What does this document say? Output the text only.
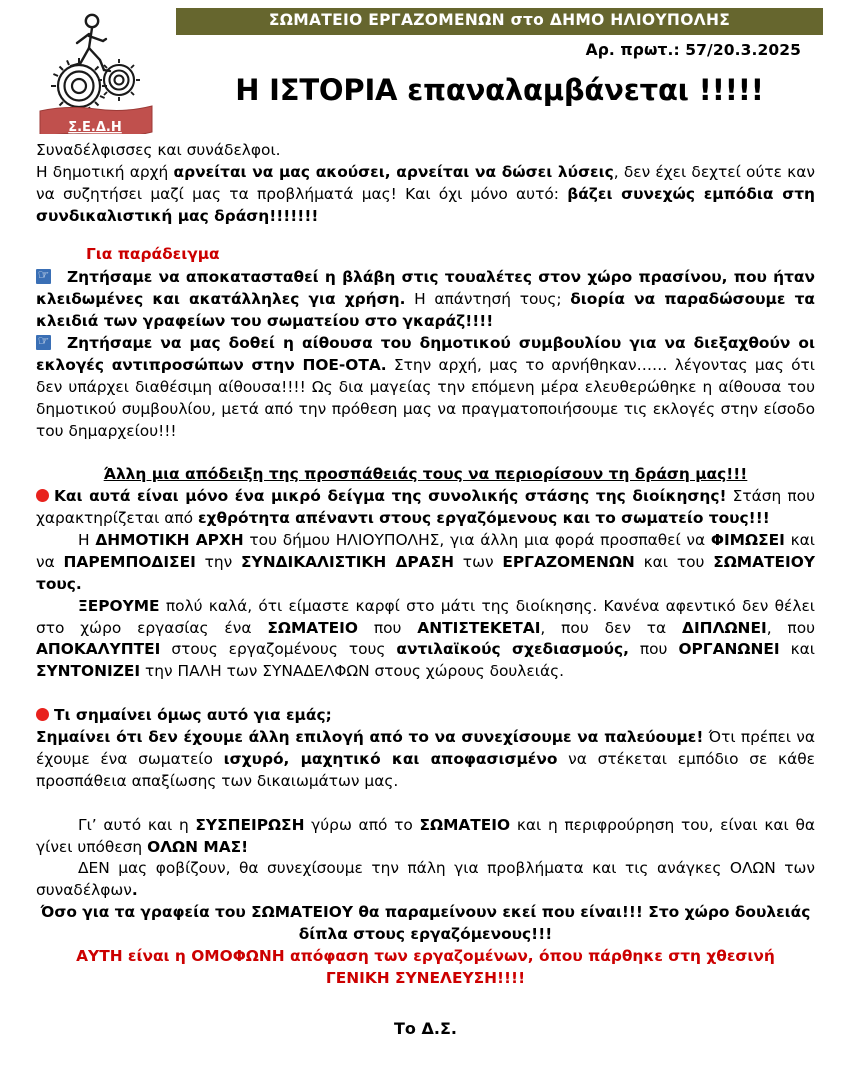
Σ.Ε.Δ.Η
ΣΩΜΑΤΕΙΟ ΕΡΓΑΖΟΜΕΝΩΝ στο ΔΗΜΟ ΗΛΙΟΥΠΟΛΗΣ
Αρ. πρωτ.: 57/20.3.2025
Η ΙΣΤΟΡΙΑ επαναλαμβάνεται !!!!!

Συναδέλφισσες και συνάδελφοι.

Η δημοτική αρχή αρνείται να μας ακούσει, αρνείται να δώσει λύσεις, δεν έχει δεχτεί ούτε καν να συζητήσει μαζί μας τα προβλήματά μας! Και όχι μόνο αυτό: βάζει συνεχώς εμπόδια στη συνδικαλιστική μας δράση!!!!!!!

Για παράδειγμα

☞ Ζητήσαμε να αποκατασταθεί η βλάβη στις τουαλέτες στον χώρο πρασίνου, που ήταν κλειδωμένες και ακατάλληλες για χρήση. Η απάντησή τους; διορία να παραδώσουμε τα κλειδιά των γραφείων του σωματείου στο γκαράζ!!!!

☞ Ζητήσαμε να μας δοθεί η αίθουσα του δημοτικού συμβουλίου για να διεξαχθούν οι εκλογές αντιπροσώπων στην ΠΟΕ-ΟΤΑ. Στην αρχή, μας το αρνήθηκαν…… λέγοντας μας ότι δεν υπάρχει διαθέσιμη αίθουσα!!!! Ως δια μαγείας την επόμενη μέρα ελευθερώθηκε η αίθουσα του δημοτικού συμβουλίου, μετά από την πρόθεση μας να πραγματοποιήσουμε τις εκλογές στην είσοδο του δημαρχείου!!!

Άλλη μια απόδειξη της προσπάθειάς τους να περιορίσουν τη δράση μας!!!

Και αυτά είναι μόνο ένα μικρό δείγμα της συνολικής στάσης της διοίκησης! Στάση που χαρακτηρίζεται από εχθρότητα απέναντι στους εργαζόμενους και το σωματείο τους!!!

Η ΔΗΜΟΤΙΚΗ ΑΡΧΗ του δήμου ΗΛΙΟΥΠΟΛΗΣ, για άλλη μια φορά προσπαθεί να ΦΙΜΩΣΕΙ και να ΠΑΡΕΜΠΟΔΙΣΕΙ την ΣΥΝΔΙΚΑΛΙΣΤΙΚΗ ΔΡΑΣΗ των ΕΡΓΑΖΟΜΕΝΩΝ και του ΣΩΜΑΤΕΙΟΥ τους.

ΞΕΡΟΥΜΕ πολύ καλά, ότι είμαστε καρφί στο μάτι της διοίκησης. Κανένα αφεντικό δεν θέλει στο χώρο εργασίας ένα ΣΩΜΑΤΕΙΟ που ΑΝΤΙΣΤΕΚΕΤΑΙ, που δεν τα ΔΙΠΛΩΝΕΙ, που ΑΠΟΚΑΛΥΠΤΕΙ στους εργαζομένους τους αντιλαϊκούς σχεδιασμούς, που ΟΡΓΑΝΩΝΕΙ και ΣΥΝΤΟΝΙΖΕΙ την ΠΑΛΗ των ΣΥΝΑΔΕΛΦΩΝ στους χώρους δουλειάς.

Τι σημαίνει όμως αυτό για εμάς;

Σημαίνει ότι δεν έχουμε άλλη επιλογή από το να συνεχίσουμε να παλεύουμε! Ότι πρέπει να έχουμε ένα σωματείο ισχυρό, μαχητικό και αποφασισμένο να στέκεται εμπόδιο σε κάθε προσπάθεια απαξίωσης των δικαιωμάτων μας.

Γι’ αυτό και η ΣΥΣΠΕΙΡΩΣΗ γύρω από το ΣΩΜΑΤΕΙΟ και η περιφρούρηση του, είναι και θα γίνει υπόθεση ΟΛΩΝ ΜΑΣ!

ΔΕΝ μας φοβίζουν, θα συνεχίσουμε την πάλη για προβλήματα και τις ανάγκες ΟΛΩΝ των συναδέλφων.

Όσο για τα γραφεία του ΣΩΜΑΤΕΙΟΥ θα παραμείνουν εκεί που είναι!!! Στο χώρο δουλειάς δίπλα στους εργαζόμενους!!!

ΑΥΤΗ είναι η ΟΜΟΦΩΝΗ απόφαση των εργαζομένων, όπου πάρθηκε στη χθεσινή

ΓΕΝΙΚΗ ΣΥΝΕΛΕΥΣΗ!!!!

Το Δ.Σ.
